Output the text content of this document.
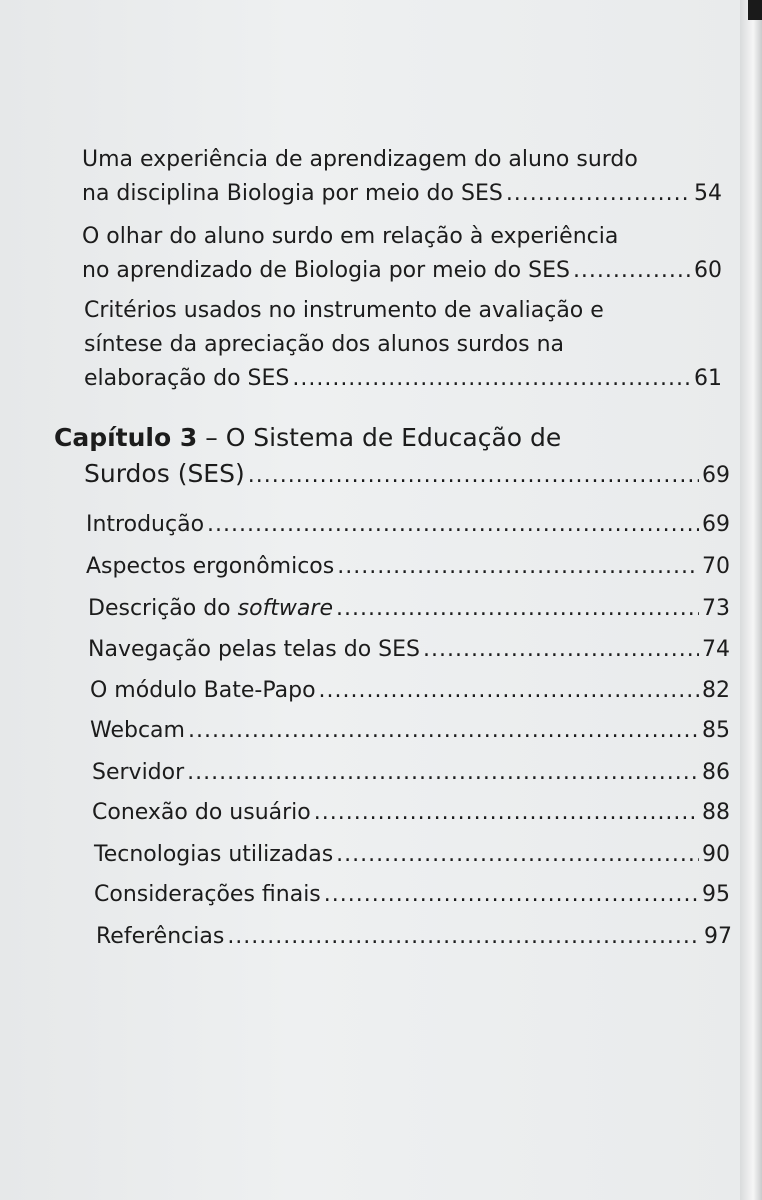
Uma experiência de aprendizagem do aluno surdo
na disciplina Biologia por meio do SES .....	54
O olhar do aluno surdo em relação à experiência
no aprendizado de Biologia por meio do SES .....	60
Critérios usados no instrumento de avaliação e
síntese da apreciação dos alunos surdos na
elaboração do SES .....	61
Capítulo 3 – O Sistema de Educação de
Surdos (SES) .....	69
Introdução .....	69
Aspectos ergonômicos .....	70
Descrição do software .....	73
Navegação pelas telas do SES .....	74
O módulo Bate-Papo .....	82
Webcam .....	85
Servidor .....	86
Conexão do usuário .....	88
Tecnologias utilizadas .....	90
Considerações finais .....	95
Referências .....	97
